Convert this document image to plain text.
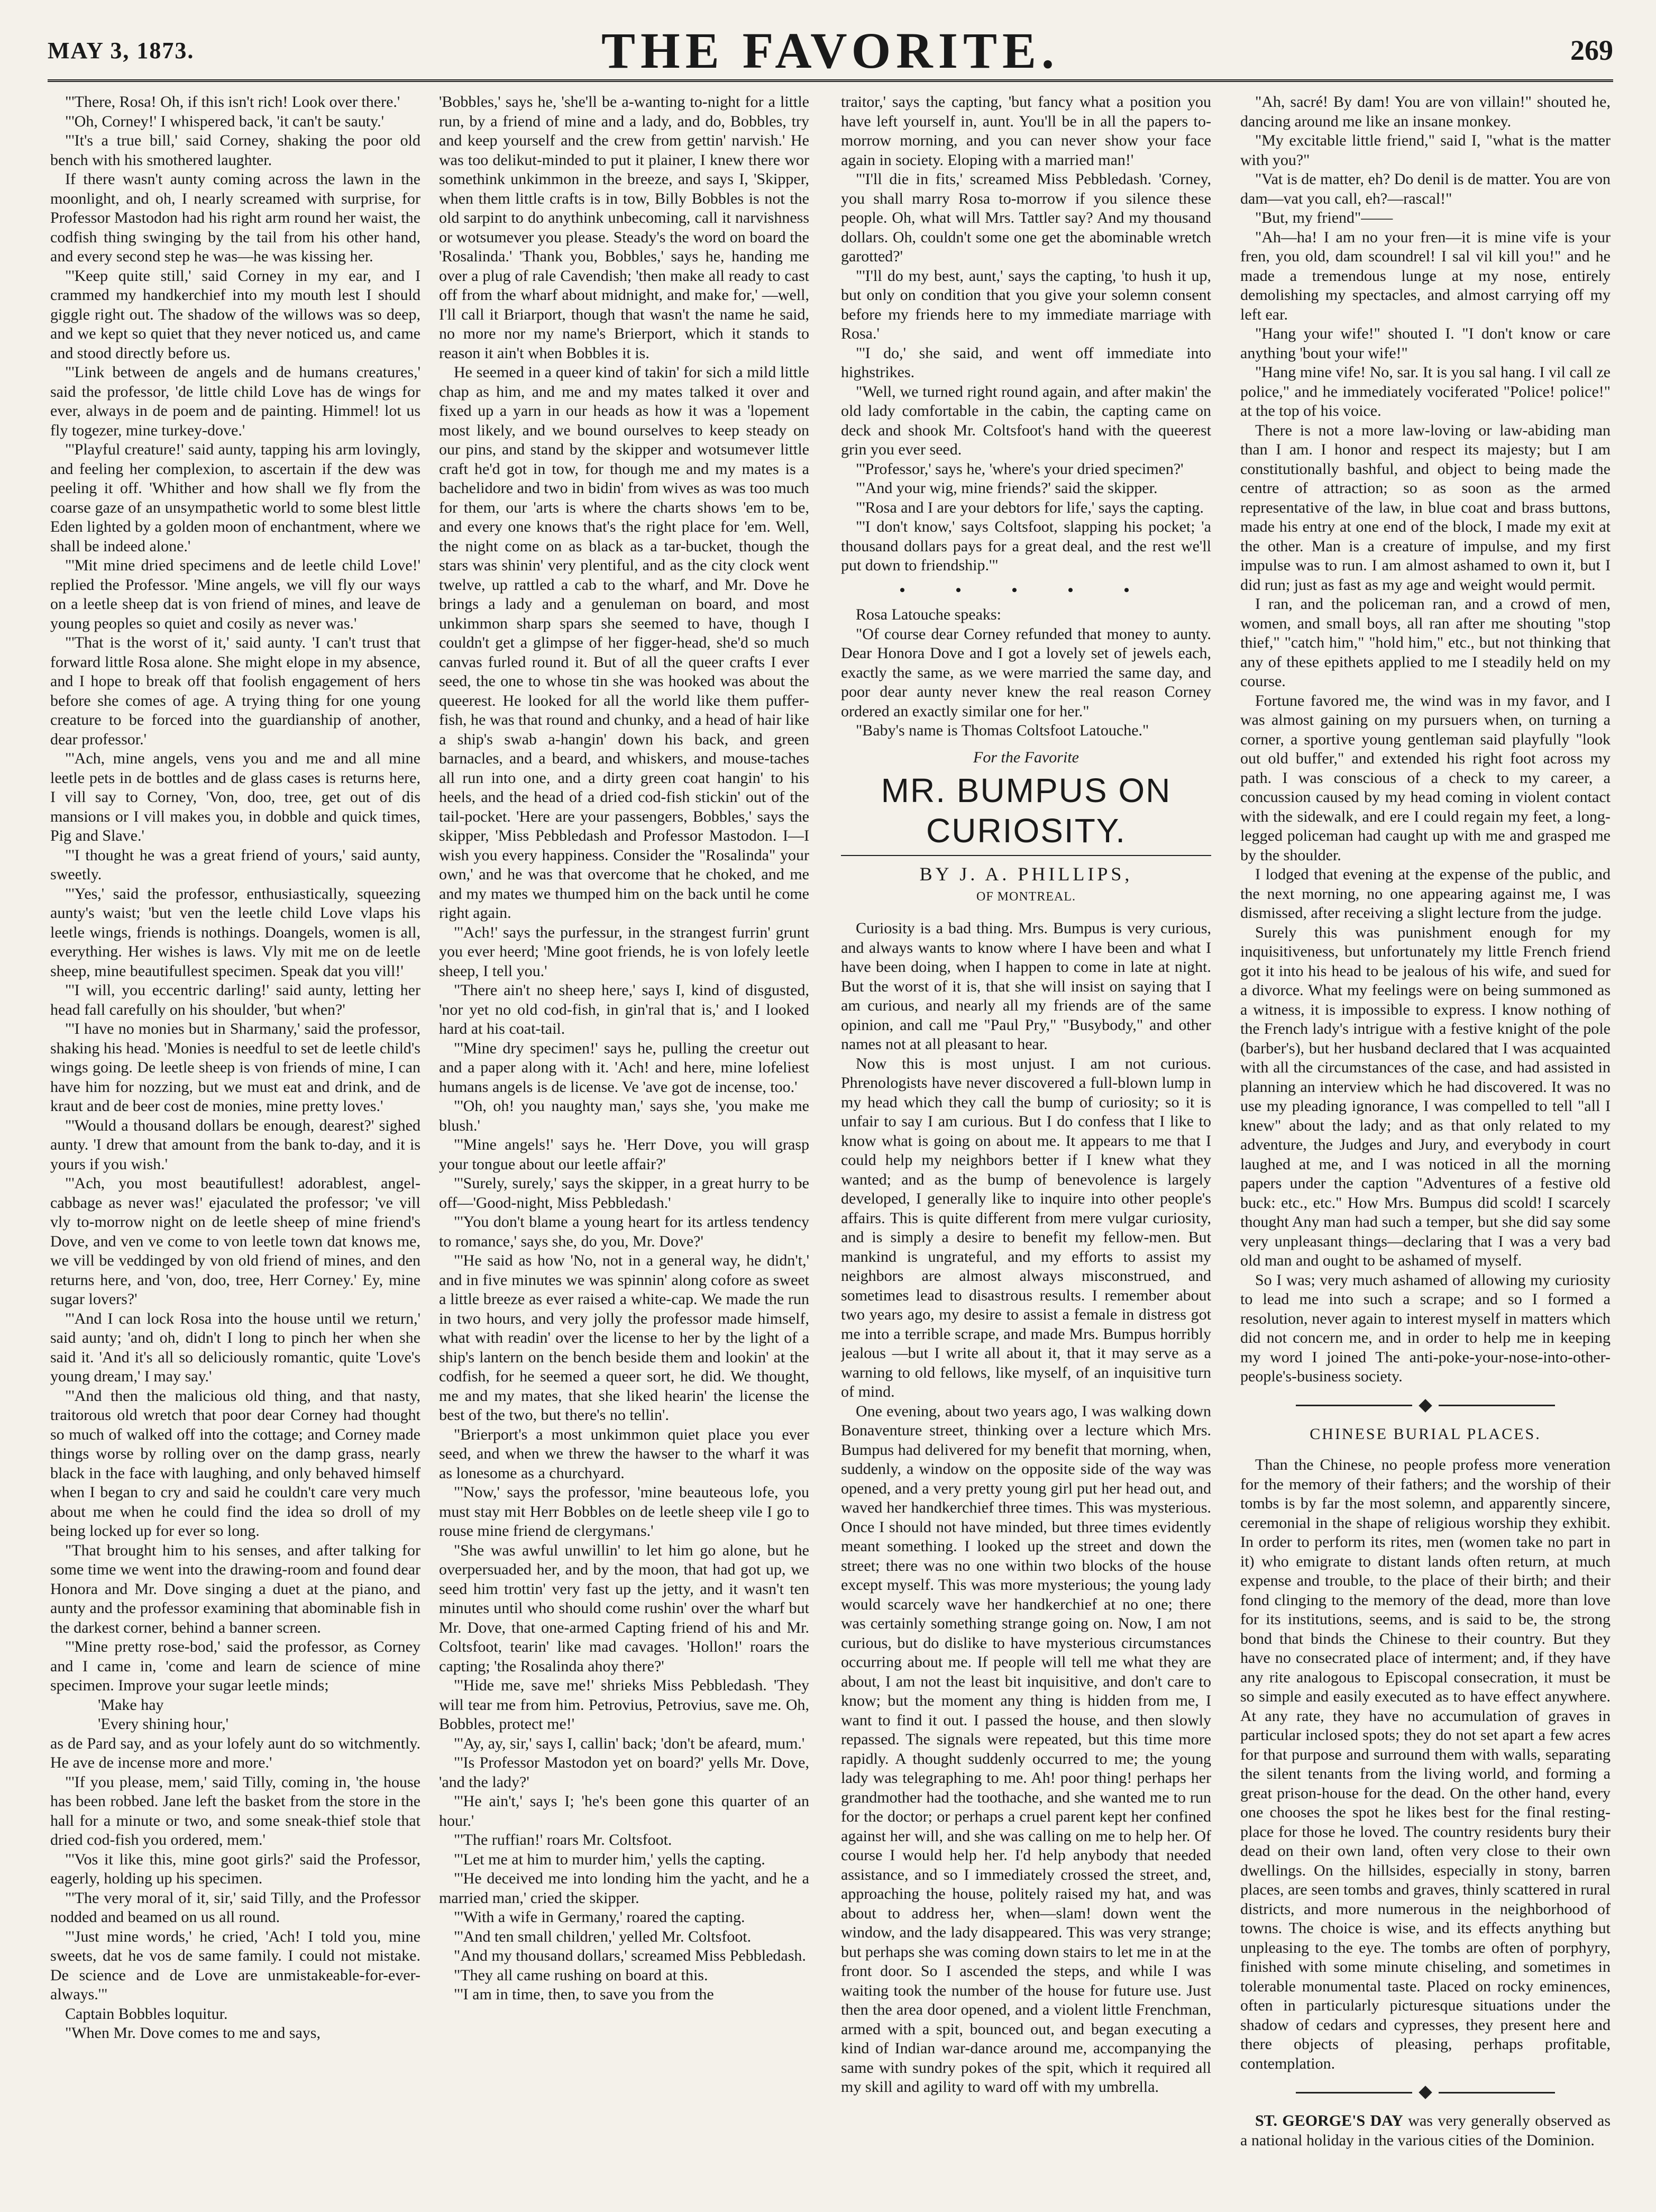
MAY 3, 1873.	THE FAVORITE.	269

"'There, Rosa! Oh, if this isn't rich! Look over there.'

"'Oh, Corney!' I whispered back, 'it can't be sauty.'

"'It's a true bill,' said Corney, shaking the poor old bench with his smothered laughter.

If there wasn't aunty coming across the lawn in the moonlight, and oh, I nearly screamed with surprise, for Professor Mastodon had his right arm round her waist, the codfish thing swinging by the tail from his other hand, and every second step he was—he was kissing her.

"'Keep quite still,' said Corney in my ear, and I crammed my handkerchief into my mouth lest I should giggle right out. The shadow of the willows was so deep, and we kept so quiet that they never noticed us, and came and stood directly before us.

"'Link between de angels and de humans creatures,' said the professor, 'de little child Love has de wings for ever, always in de poem and de painting. Himmel! lot us fly togezer, mine turkey-dove.'

"'Playful creature!' said aunty, tapping his arm lovingly, and feeling her complexion, to ascertain if the dew was peeling it off. 'Whither and how shall we fly from the coarse gaze of an unsympathetic world to some blest little Eden lighted by a golden moon of enchantment, where we shall be indeed alone.'

"'Mit mine dried specimens and de leetle child Love!' replied the Professor. 'Mine angels, we vill fly our ways on a leetle sheep dat is von friend of mines, and leave de young peoples so quiet and cosily as never was.'

"'That is the worst of it,' said aunty. 'I can't trust that forward little Rosa alone. She might elope in my absence, and I hope to break off that foolish engagement of hers before she comes of age. A trying thing for one young creature to be forced into the guardianship of another, dear professor.'

"'Ach, mine angels, vens you and me and all mine leetle pets in de bottles and de glass cases is returns here, I vill say to Corney, 'Von, doo, tree, get out of dis mansions or I vill makes you, in dobble and quick times, Pig and Slave.'

"'I thought he was a great friend of yours,' said aunty, sweetly.

"'Yes,' said the professor, enthusiastically, squeezing aunty's waist; 'but ven the leetle child Love vlaps his leetle wings, friends is nothings. Doangels, women is all, everything. Her wishes is laws. Vly mit me on de leetle sheep, mine beautifullest specimen. Speak dat you vill!'

"'I will, you eccentric darling!' said aunty, letting her head fall carefully on his shoulder, 'but when?'

"'I have no monies but in Sharmany,' said the professor, shaking his head. 'Monies is needful to set de leetle child's wings going. De leetle sheep is von friends of mine, I can have him for nozzing, but we must eat and drink, and de kraut and de beer cost de monies, mine pretty loves.'

"'Would a thousand dollars be enough, dearest?' sighed aunty. 'I drew that amount from the bank to-day, and it is yours if you wish.'

"'Ach, you most beautifullest! adorablest, angel-cabbage as never was!' ejaculated the professor; 've vill vly to-morrow night on de leetle sheep of mine friend's Dove, and ven ve come to von leetle town dat knows me, we vill be veddinged by von old friend of mines, and den returns here, and 'von, doo, tree, Herr Corney.' Ey, mine sugar lovers?'

"'And I can lock Rosa into the house until we return,' said aunty; 'and oh, didn't I long to pinch her when she said it. 'And it's all so deliciously romantic, quite 'Love's young dream,' I may say.'

"'And then the malicious old thing, and that nasty, traitorous old wretch that poor dear Corney had thought so much of walked off into the cottage; and Corney made things worse by rolling over on the damp grass, nearly black in the face with laughing, and only behaved himself when I began to cry and said he couldn't care very much about me when he could find the idea so droll of my being locked up for ever so long.

"That brought him to his senses, and after talking for some time we went into the drawing-room and found dear Honora and Mr. Dove singing a duet at the piano, and aunty and the professor examining that abominable fish in the darkest corner, behind a banner screen.

"'Mine pretty rose-bod,' said the professor, as Corney and I came in, 'come and learn de science of mine specimen. Improve your sugar leetle minds;

'Make hay

'Every shining hour,'

as de Pard say, and as your lofely aunt do so witchmently. He ave de incense more and more.'

"'If you please, mem,' said Tilly, coming in, 'the house has been robbed. Jane left the basket from the store in the hall for a minute or two, and some sneak-thief stole that dried cod-fish you ordered, mem.'

"'Vos it like this, mine goot girls?' said the Professor, eagerly, holding up his specimen.

"'The very moral of it, sir,' said Tilly, and the Professor nodded and beamed on us all round.

"'Just mine words,' he cried, 'Ach! I told you, mine sweets, dat he vos de same family. I could not mistake. De science and de Love are unmistakeable-for-ever-always.'"

Captain Bobbles loquitur.

"When Mr. Dove comes to me and says,

'Bobbles,' says he, 'she'll be a-wanting to-night for a little run, by a friend of mine and a lady, and do, Bobbles, try and keep yourself and the crew from gettin' narvish.' He was too delikut-minded to put it plainer, I knew there wor somethink unkimmon in the breeze, and says I, 'Skipper, when them little crafts is in tow, Billy Bobbles is not the old sarpint to do anythink unbecoming, call it narvishness or wotsumever you please. Steady's the word on board the 'Rosalinda.' 'Thank you, Bobbles,' says he, handing me over a plug of rale Cavendish; 'then make all ready to cast off from the wharf about midnight, and make for,' —well, I'll call it Briarport, though that wasn't the name he said, no more nor my name's Brierport, which it stands to reason it ain't when Bobbles it is.

He seemed in a queer kind of takin' for sich a mild little chap as him, and me and my mates talked it over and fixed up a yarn in our heads as how it was a 'lopement most likely, and we bound ourselves to keep steady on our pins, and stand by the skipper and wotsumever little craft he'd got in tow, for though me and my mates is a bachelidore and two in bidin' from wives as was too much for them, our 'arts is where the charts shows 'em to be, and every one knows that's the right place for 'em. Well, the night come on as black as a tar-bucket, though the stars was shinin' very plentiful, and as the city clock went twelve, up rattled a cab to the wharf, and Mr. Dove he brings a lady and a genuleman on board, and most unkimmon sharp spars she seemed to have, though I couldn't get a glimpse of her figger-head, she'd so much canvas furled round it. But of all the queer crafts I ever seed, the one to whose tin she was hooked was about the queerest. He looked for all the world like them puffer-fish, he was that round and chunky, and a head of hair like a ship's swab a-hangin' down his back, and green barnacles, and a beard, and whiskers, and mouse-taches all run into one, and a dirty green coat hangin' to his heels, and the head of a dried cod-fish stickin' out of the tail-pocket. 'Here are your passengers, Bobbles,' says the skipper, 'Miss Pebbledash and Professor Mastodon. I—I wish you every happiness. Consider the "Rosalinda" your own,' and he was that overcome that he choked, and me and my mates we thumped him on the back until he come right again.

"'Ach!' says the purfessur, in the strangest furrin' grunt you ever heerd; 'Mine goot friends, he is von lofely leetle sheep, I tell you.'

"There ain't no sheep here,' says I, kind of disgusted, 'nor yet no old cod-fish, in gin'ral that is,' and I looked hard at his coat-tail.

"'Mine dry specimen!' says he, pulling the creetur out and a paper along with it. 'Ach! and here, mine lofeliest humans angels is de license. Ve 'ave got de incense, too.'

"'Oh, oh! you naughty man,' says she, 'you make me blush.'

"'Mine angels!' says he. 'Herr Dove, you will grasp your tongue about our leetle affair?'

"'Surely, surely,' says the skipper, in a great hurry to be off—'Good-night, Miss Pebbledash.'

"'You don't blame a young heart for its artless tendency to romance,' says she, do you, Mr. Dove?'

"'He said as how 'No, not in a general way, he didn't,' and in five minutes we was spinnin' along cofore as sweet a little breeze as ever raised a white-cap. We made the run in two hours, and very jolly the professor made himself, what with readin' over the license to her by the light of a ship's lantern on the bench beside them and lookin' at the codfish, for he seemed a queer sort, he did. We thought, me and my mates, that she liked hearin' the license the best of the two, but there's no tellin'.

"Brierport's a most unkimmon quiet place you ever seed, and when we threw the hawser to the wharf it was as lonesome as a churchyard.

"'Now,' says the professor, 'mine beauteous lofe, you must stay mit Herr Bobbles on de leetle sheep vile I go to rouse mine friend de clergymans.'

"She was awful unwillin' to let him go alone, but he overpersuaded her, and by the moon, that had got up, we seed him trottin' very fast up the jetty, and it wasn't ten minutes until who should come rushin' over the wharf but Mr. Dove, that one-armed Capting friend of his and Mr. Coltsfoot, tearin' like mad cavages. 'Hollon!' roars the capting; 'the Rosalinda ahoy there?'

"'Hide me, save me!' shrieks Miss Pebbledash. 'They will tear me from him. Petrovius, Petrovius, save me. Oh, Bobbles, protect me!'

"'Ay, ay, sir,' says I, callin' back; 'don't be afeard, mum.'

"'Is Professor Mastodon yet on board?' yells Mr. Dove, 'and the lady?'

"'He ain't,' says I; 'he's been gone this quarter of an hour.'

"'The ruffian!' roars Mr. Coltsfoot.

"'Let me at him to murder him,' yells the capting.

"'He deceived me into londing him the yacht, and he a married man,' cried the skipper.

"'With a wife in Germany,' roared the capting.

"'And ten small children,' yelled Mr. Coltsfoot.

"And my thousand dollars,' screamed Miss Pebbledash.

"They all came rushing on board at this.

"'I am in time, then, to save you from the

traitor,' says the capting, 'but fancy what a position you have left yourself in, aunt. You'll be in all the papers to-morrow morning, and you can never show your face again in society. Eloping with a married man!'

"'I'll die in fits,' screamed Miss Pebbledash. 'Corney, you shall marry Rosa to-morrow if you silence these people. Oh, what will Mrs. Tattler say? And my thousand dollars. Oh, couldn't some one get the abominable wretch garotted?'

"'I'll do my best, aunt,' says the capting, 'to hush it up, but only on condition that you give your solemn consent before my friends here to my immediate marriage with Rosa.'

"'I do,' she said, and went off immediate into highstrikes.

"Well, we turned right round again, and after makin' the old lady comfortable in the cabin, the capting came on deck and shook Mr. Coltsfoot's hand with the queerest grin you ever seed.

"'Professor,' says he, 'where's your dried specimen?'

"'And your wig, mine friends?' said the skipper.

"'Rosa and I are your debtors for life,' says the capting.

"'I don't know,' says Coltsfoot, slapping his pocket; 'a thousand dollars pays for a great deal, and the rest we'll put down to friendship.'"

• • • • •

Rosa Latouche speaks:

"Of course dear Corney refunded that money to aunty. Dear Honora Dove and I got a lovely set of jewels each, exactly the same, as we were married the same day, and poor dear aunty never knew the real reason Corney ordered an exactly similar one for her."

"Baby's name is Thomas Coltsfoot Latouche."

For the Favorite

MR. BUMPUS ON CURIOSITY.

BY J. A. PHILLIPS,

OF MONTREAL.

Curiosity is a bad thing. Mrs. Bumpus is very curious, and always wants to know where I have been and what I have been doing, when I happen to come in late at night. But the worst of it is, that she will insist on saying that I am curious, and nearly all my friends are of the same opinion, and call me "Paul Pry," "Busybody," and other names not at all pleasant to hear.

Now this is most unjust. I am not curious. Phrenologists have never discovered a full-blown lump in my head which they call the bump of curiosity; so it is unfair to say I am curious. But I do confess that I like to know what is going on about me. It appears to me that I could help my neighbors better if I knew what they wanted; and as the bump of benevolence is largely developed, I generally like to inquire into other people's affairs. This is quite different from mere vulgar curiosity, and is simply a desire to benefit my fellow-men. But mankind is ungrateful, and my efforts to assist my neighbors are almost always misconstrued, and sometimes lead to disastrous results. I remember about two years ago, my desire to assist a female in distress got me into a terrible scrape, and made Mrs. Bumpus horribly jealous —but I write all about it, that it may serve as a warning to old fellows, like myself, of an inquisitive turn of mind.

One evening, about two years ago, I was walking down Bonaventure street, thinking over a lecture which Mrs. Bumpus had delivered for my benefit that morning, when, suddenly, a window on the opposite side of the way was opened, and a very pretty young girl put her head out, and waved her handkerchief three times. This was mysterious. Once I should not have minded, but three times evidently meant something. I looked up the street and down the street; there was no one within two blocks of the house except myself. This was more mysterious; the young lady would scarcely wave her handkerchief at no one; there was certainly something strange going on. Now, I am not curious, but do dislike to have mysterious circumstances occurring about me. If people will tell me what they are about, I am not the least bit inquisitive, and don't care to know; but the moment any thing is hidden from me, I want to find it out. I passed the house, and then slowly repassed. The signals were repeated, but this time more rapidly. A thought suddenly occurred to me; the young lady was telegraphing to me. Ah! poor thing! perhaps her grandmother had the toothache, and she wanted me to run for the doctor; or perhaps a cruel parent kept her confined against her will, and she was calling on me to help her. Of course I would help her. I'd help anybody that needed assistance, and so I immediately crossed the street, and, approaching the house, politely raised my hat, and was about to address her, when—slam! down went the window, and the lady disappeared. This was very strange; but perhaps she was coming down stairs to let me in at the front door. So I ascended the steps, and while I was waiting took the number of the house for future use. Just then the area door opened, and a violent little Frenchman, armed with a spit, bounced out, and began executing a kind of Indian war-dance around me, accompanying the same with sundry pokes of the spit, which it required all my skill and agility to ward off with my umbrella.

"Ah, sacré! By dam! You are von villain!" shouted he, dancing around me like an insane monkey.

"My excitable little friend," said I, "what is the matter with you?"

"Vat is de matter, eh? Do denil is de matter. You are von dam—vat you call, eh?—rascal!"

"But, my friend"——

"Ah—ha! I am no your fren—it is mine vife is your fren, you old, dam scoundrel! I sal vil kill you!" and he made a tremendous lunge at my nose, entirely demolishing my spectacles, and almost carrying off my left ear.

"Hang your wife!" shouted I. "I don't know or care anything 'bout your wife!"

"Hang mine vife! No, sar. It is you sal hang. I vil call ze police," and he immediately vociferated "Police! police!" at the top of his voice.

There is not a more law-loving or law-abiding man than I am. I honor and respect its majesty; but I am constitutionally bashful, and object to being made the centre of attraction; so as soon as the armed representative of the law, in blue coat and brass buttons, made his entry at one end of the block, I made my exit at the other. Man is a creature of impulse, and my first impulse was to run. I am almost ashamed to own it, but I did run; just as fast as my age and weight would permit.

I ran, and the policeman ran, and a crowd of men, women, and small boys, all ran after me shouting "stop thief," "catch him," "hold him," etc., but not thinking that any of these epithets applied to me I steadily held on my course.

Fortune favored me, the wind was in my favor, and I was almost gaining on my pursuers when, on turning a corner, a sportive young gentleman said playfully "look out old buffer," and extended his right foot across my path. I was conscious of a check to my career, a concussion caused by my head coming in violent contact with the sidewalk, and ere I could regain my feet, a long-legged policeman had caught up with me and grasped me by the shoulder.

I lodged that evening at the expense of the public, and the next morning, no one appearing against me, I was dismissed, after receiving a slight lecture from the judge.

Surely this was punishment enough for my inquisitiveness, but unfortunately my little French friend got it into his head to be jealous of his wife, and sued for a divorce. What my feelings were on being summoned as a witness, it is impossible to express. I know nothing of the French lady's intrigue with a festive knight of the pole (barber's), but her husband declared that I was acquainted with all the circumstances of the case, and had assisted in planning an interview which he had discovered. It was no use my pleading ignorance, I was compelled to tell "all I knew" about the lady; and as that only related to my adventure, the Judges and Jury, and everybody in court laughed at me, and I was noticed in all the morning papers under the caption "Adventures of a festive old buck: etc., etc." How Mrs. Bumpus did scold! I scarcely thought Any man had such a temper, but she did say some very unpleasant things—declaring that I was a very bad old man and ought to be ashamed of myself.

So I was; very much ashamed of allowing my curiosity to lead me into such a scrape; and so I formed a resolution, never again to interest myself in matters which did not concern me, and in order to help me in keeping my word I joined The anti-poke-your-nose-into-other-people's-business society.

CHINESE BURIAL PLACES.

Than the Chinese, no people profess more veneration for the memory of their fathers; and the worship of their tombs is by far the most solemn, and apparently sincere, ceremonial in the shape of religious worship they exhibit. In order to perform its rites, men (women take no part in it) who emigrate to distant lands often return, at much expense and trouble, to the place of their birth; and their fond clinging to the memory of the dead, more than love for its institutions, seems, and is said to be, the strong bond that binds the Chinese to their country. But they have no consecrated place of interment; and, if they have any rite analogous to Episcopal consecration, it must be so simple and easily executed as to have effect anywhere. At any rate, they have no accumulation of graves in particular inclosed spots; they do not set apart a few acres for that purpose and surround them with walls, separating the silent tenants from the living world, and forming a great prison-house for the dead. On the other hand, every one chooses the spot he likes best for the final resting-place for those he loved. The country residents bury their dead on their own land, often very close to their own dwellings. On the hillsides, especially in stony, barren places, are seen tombs and graves, thinly scattered in rural districts, and more numerous in the neighborhood of towns. The choice is wise, and its effects anything but unpleasing to the eye. The tombs are often of porphyry, finished with some minute chiseling, and sometimes in tolerable monumental taste. Placed on rocky eminences, often in particularly picturesque situations under the shadow of cedars and cypresses, they present here and there objects of pleasing, perhaps profitable, contemplation.

ST. GEORGE'S DAY was very generally observed as a national holiday in the various cities of the Dominion.
